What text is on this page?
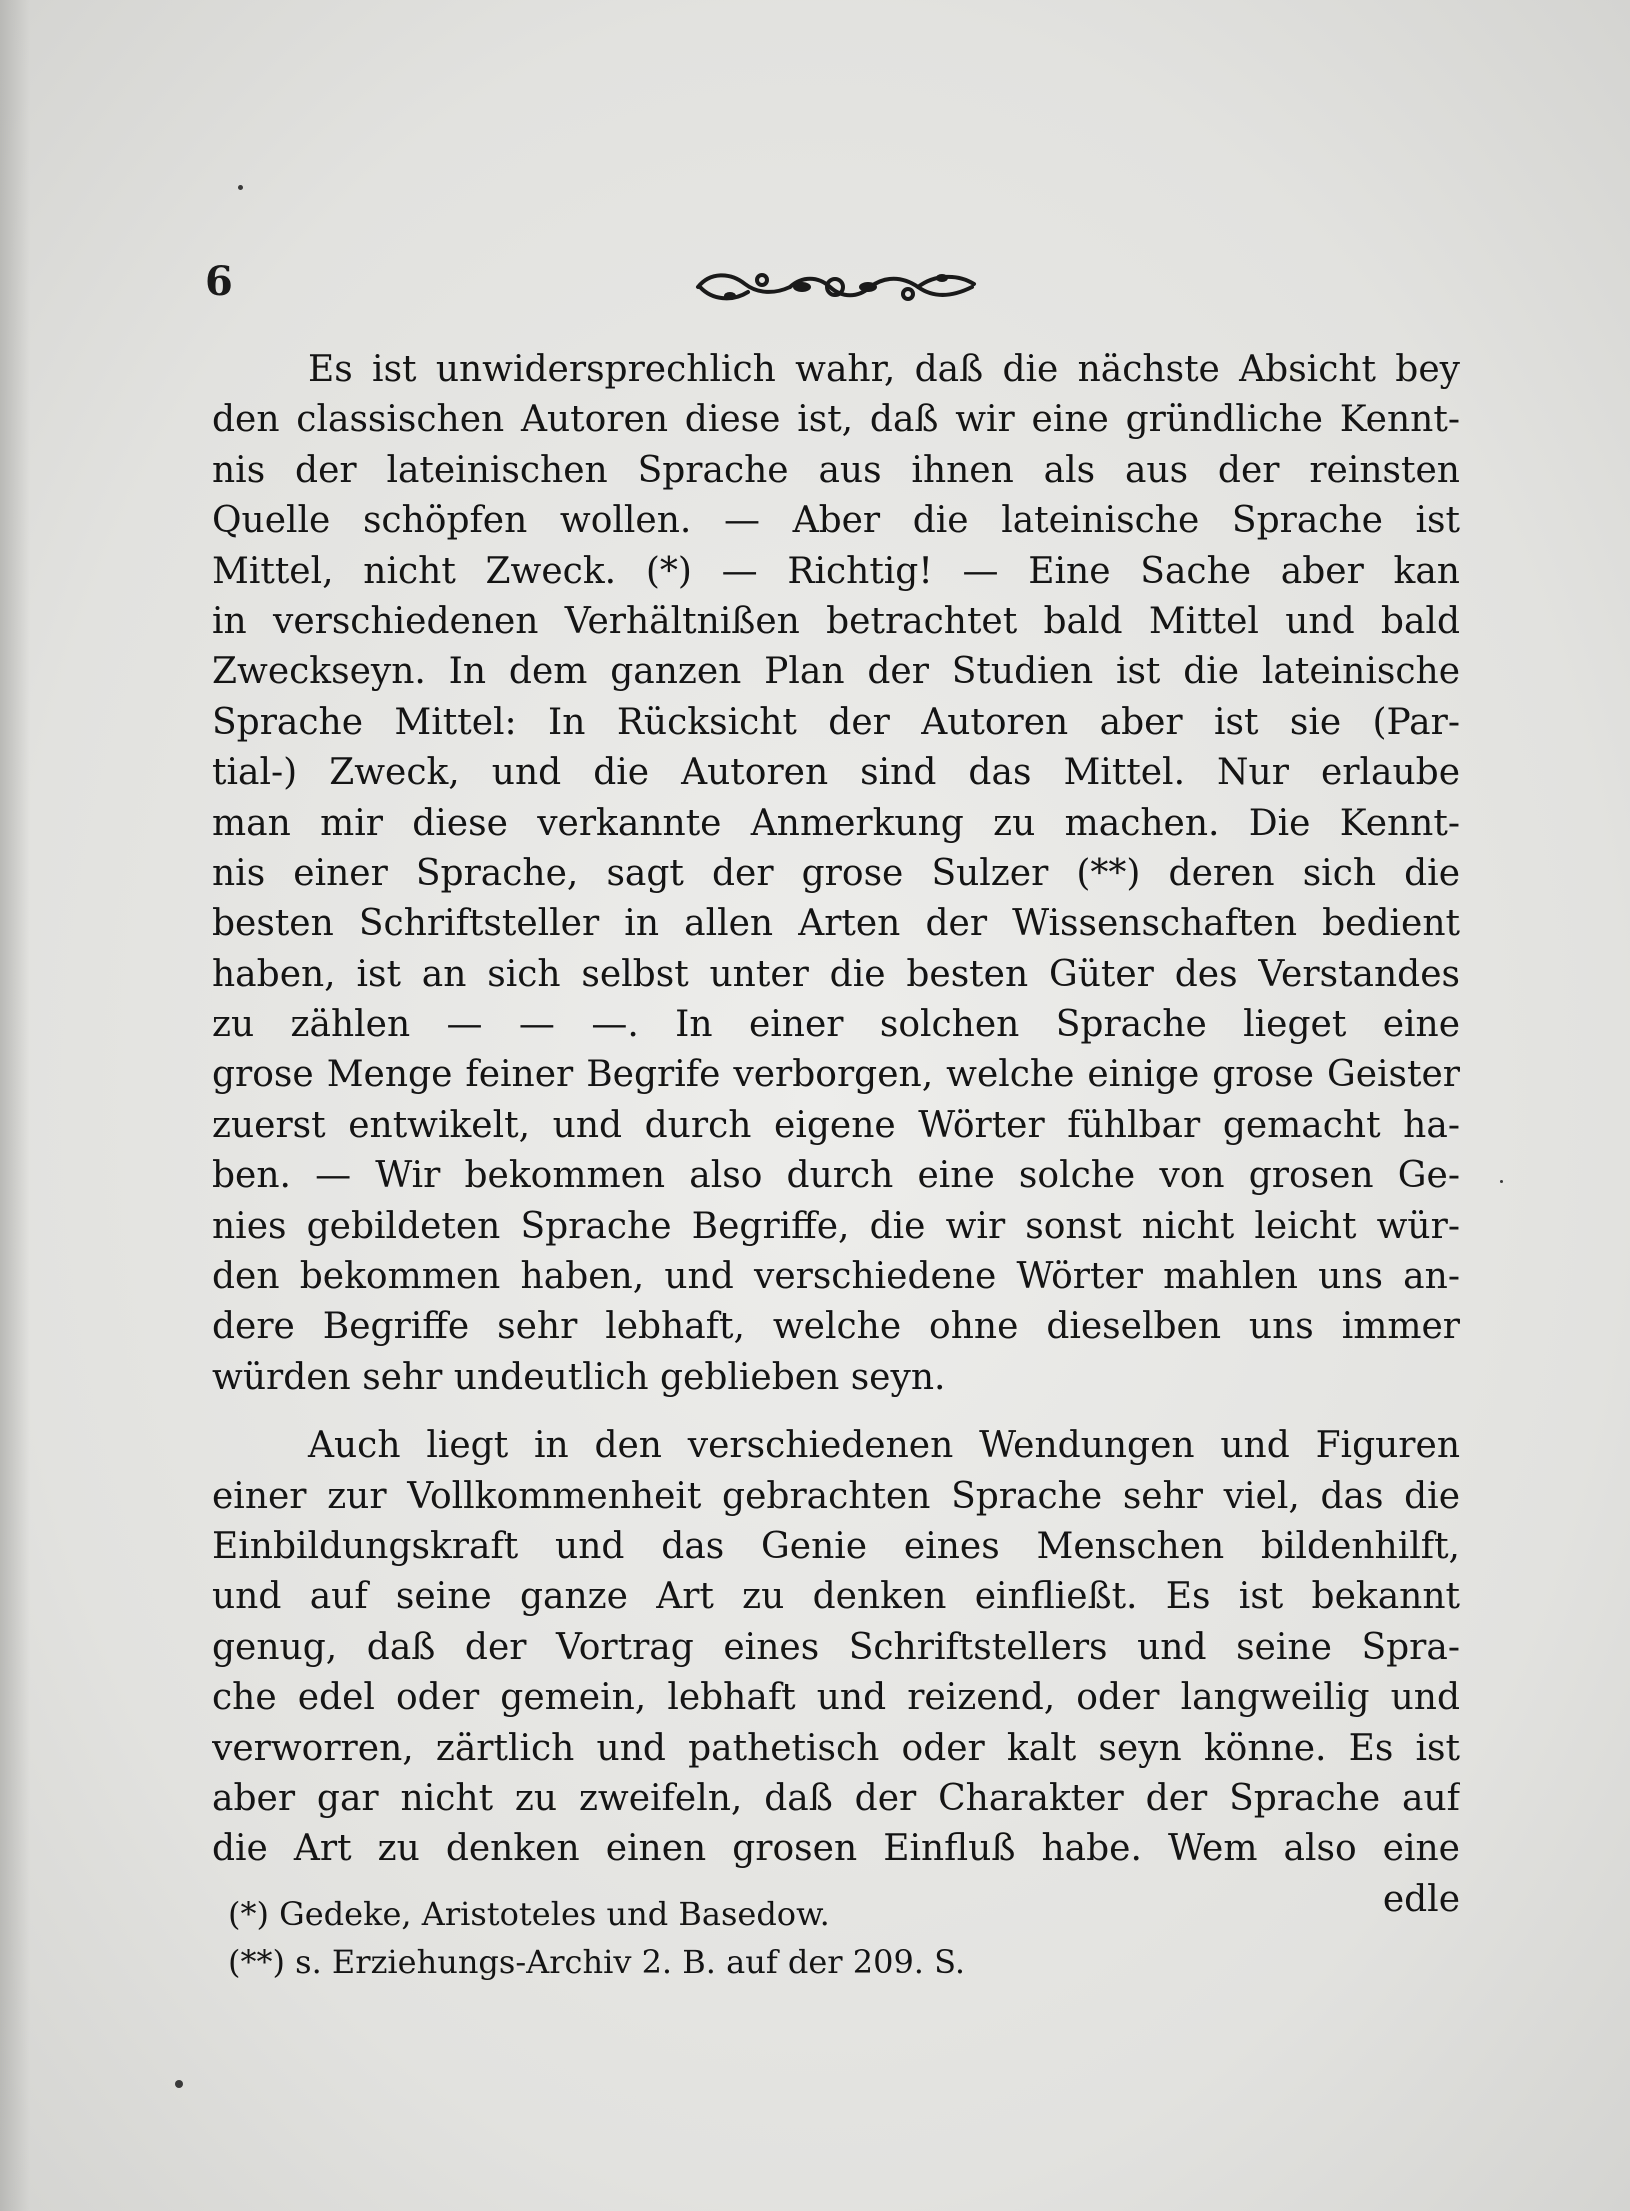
6
Es ist unwidersprechlich wahr, daß die nächste Absicht bey
den classischen Autoren diese ist, daß wir eine gründliche Kennt-
nis der lateinischen Sprache aus ihnen als aus der reinsten
Quelle schöpfen wollen. — Aber die lateinische Sprache ist
Mittel, nicht Zweck. (*) — Richtig! — Eine Sache aber kan
in verschiedenen Verhältnißen betrachtet bald Mittel und bald
Zweckseyn. In dem ganzen Plan der Studien ist die lateinische
Sprache Mittel: In Rücksicht der Autoren aber ist sie (Par-
tial-) Zweck, und die Autoren sind das Mittel. Nur erlaube
man mir diese verkannte Anmerkung zu machen. Die Kennt-
nis einer Sprache, sagt der grose Sulzer (**) deren sich die
besten Schriftsteller in allen Arten der Wissenschaften bedient
haben, ist an sich selbst unter die besten Güter des Verstandes
zu zählen — — —. In einer solchen Sprache lieget eine
grose Menge feiner Begrife verborgen, welche einige grose Geister
zuerst entwikelt, und durch eigene Wörter fühlbar gemacht ha-
ben. — Wir bekommen also durch eine solche von grosen Ge-
nies gebildeten Sprache Begriffe, die wir sonst nicht leicht wür-
den bekommen haben, und verschiedene Wörter mahlen uns an-
dere Begriffe sehr lebhaft, welche ohne dieselben uns immer
würden sehr undeutlich geblieben seyn.
Auch liegt in den verschiedenen Wendungen und Figuren
einer zur Vollkommenheit gebrachten Sprache sehr viel, das die
Einbildungskraft und das Genie eines Menschen bildenhilft,
und auf seine ganze Art zu denken einfließt. Es ist bekannt
genug, daß der Vortrag eines Schriftstellers und seine Spra-
che edel oder gemein, lebhaft und reizend, oder langweilig und
verworren, zärtlich und pathetisch oder kalt seyn könne. Es ist
aber gar nicht zu zweifeln, daß der Charakter der Sprache auf
die Art zu denken einen grosen Einfluß habe. Wem also eine
edle
(*) Gedeke, Aristoteles und Basedow.
(**) s. Erziehungs-Archiv 2. B. auf der 209. S.
